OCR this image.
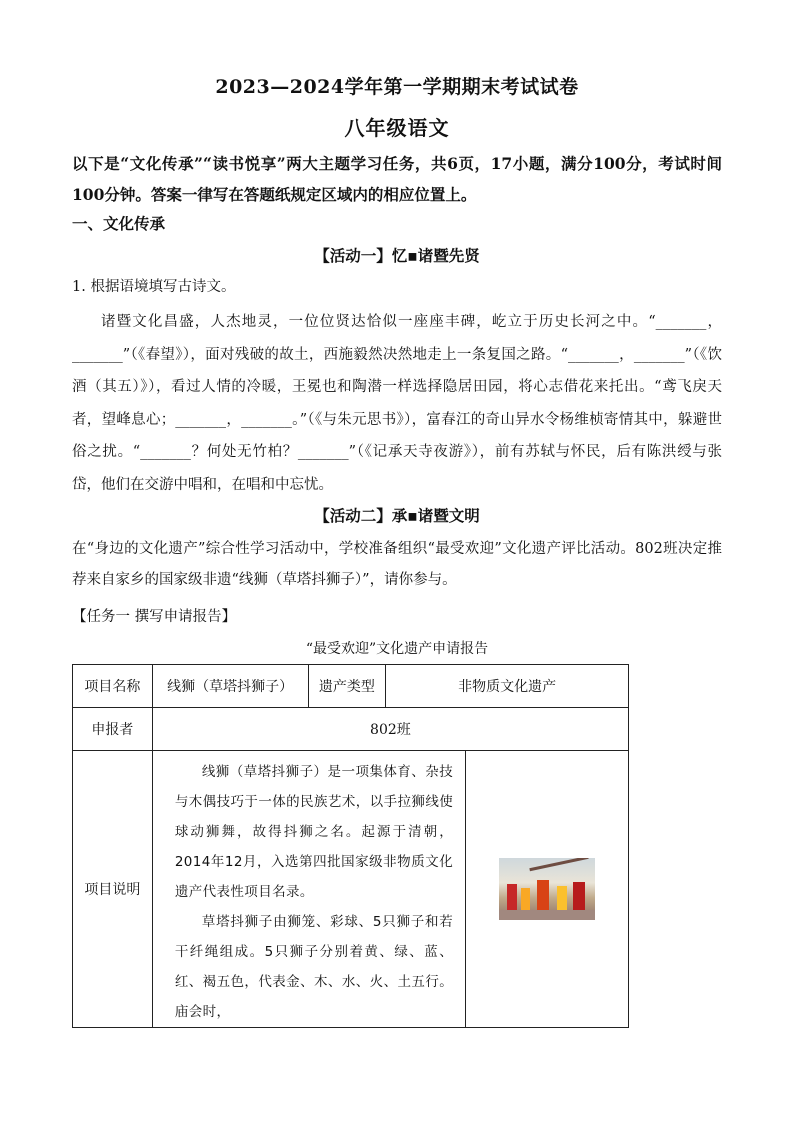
2023—2024学年第一学期期末考试试卷
八年级语文
以下是“文化传承”“读书悦享”两大主题学习任务，共6页，17小题，满分100分，考试时间100分钟。答案一律写在答题纸规定区域内的相应位置上。
一、文化传承
【活动一】忆▪诸暨先贤
1. 根据语境填写古诗文。
诸暨文化昌盛，人杰地灵，一位位贤达恰似一座座丰碑，屹立于历史长河之中。“_______，_______”（《春望》），面对残破的故土，西施毅然决然地走上一条复国之路。“_______，_______”（《饮酒（其五）》），看过人情的冷暖，王冕也和陶潜一样选择隐居田园，将心志借花来托出。“鸢飞戾天者，望峰息心；_______，_______。”（《与朱元思书》），富春江的奇山异水令杨维桢寄情其中，躲避世俗之扰。“_______？何处无竹柏？_______”（《记承天寺夜游》），前有苏轼与怀民，后有陈洪绶与张岱，他们在交游中唱和，在唱和中忘忧。
【活动二】承▪诸暨文明
在“身边的文化遗产”综合性学习活动中，学校准备组织“最受欢迎”文化遗产评比活动。802班决定推荐来自家乡的国家级非遗“线狮（草塔抖狮子）”，请你参与。
【任务一 撰写申请报告】
“最受欢迎”文化遗产申请报告
项目名称	线狮（草塔抖狮子）	遗产类型	非物质文化遗产	
申报者	802班			
项目说明	线狮（草塔抖狮子）是一项集体育、杂技与木偶技巧于一体的民族艺术，以手拉狮线使球动狮舞，故得抖狮之名。起源于清朝，2014年12月，入选第四批国家级非物质文化遗产代表性项目名录。

草塔抖狮子由狮笼、彩球、5只狮子和若干纤绳组成。5只狮子分别着黄、绿、蓝、红、褐五色，代表金、木、水、火、土五行。庙会时，			
